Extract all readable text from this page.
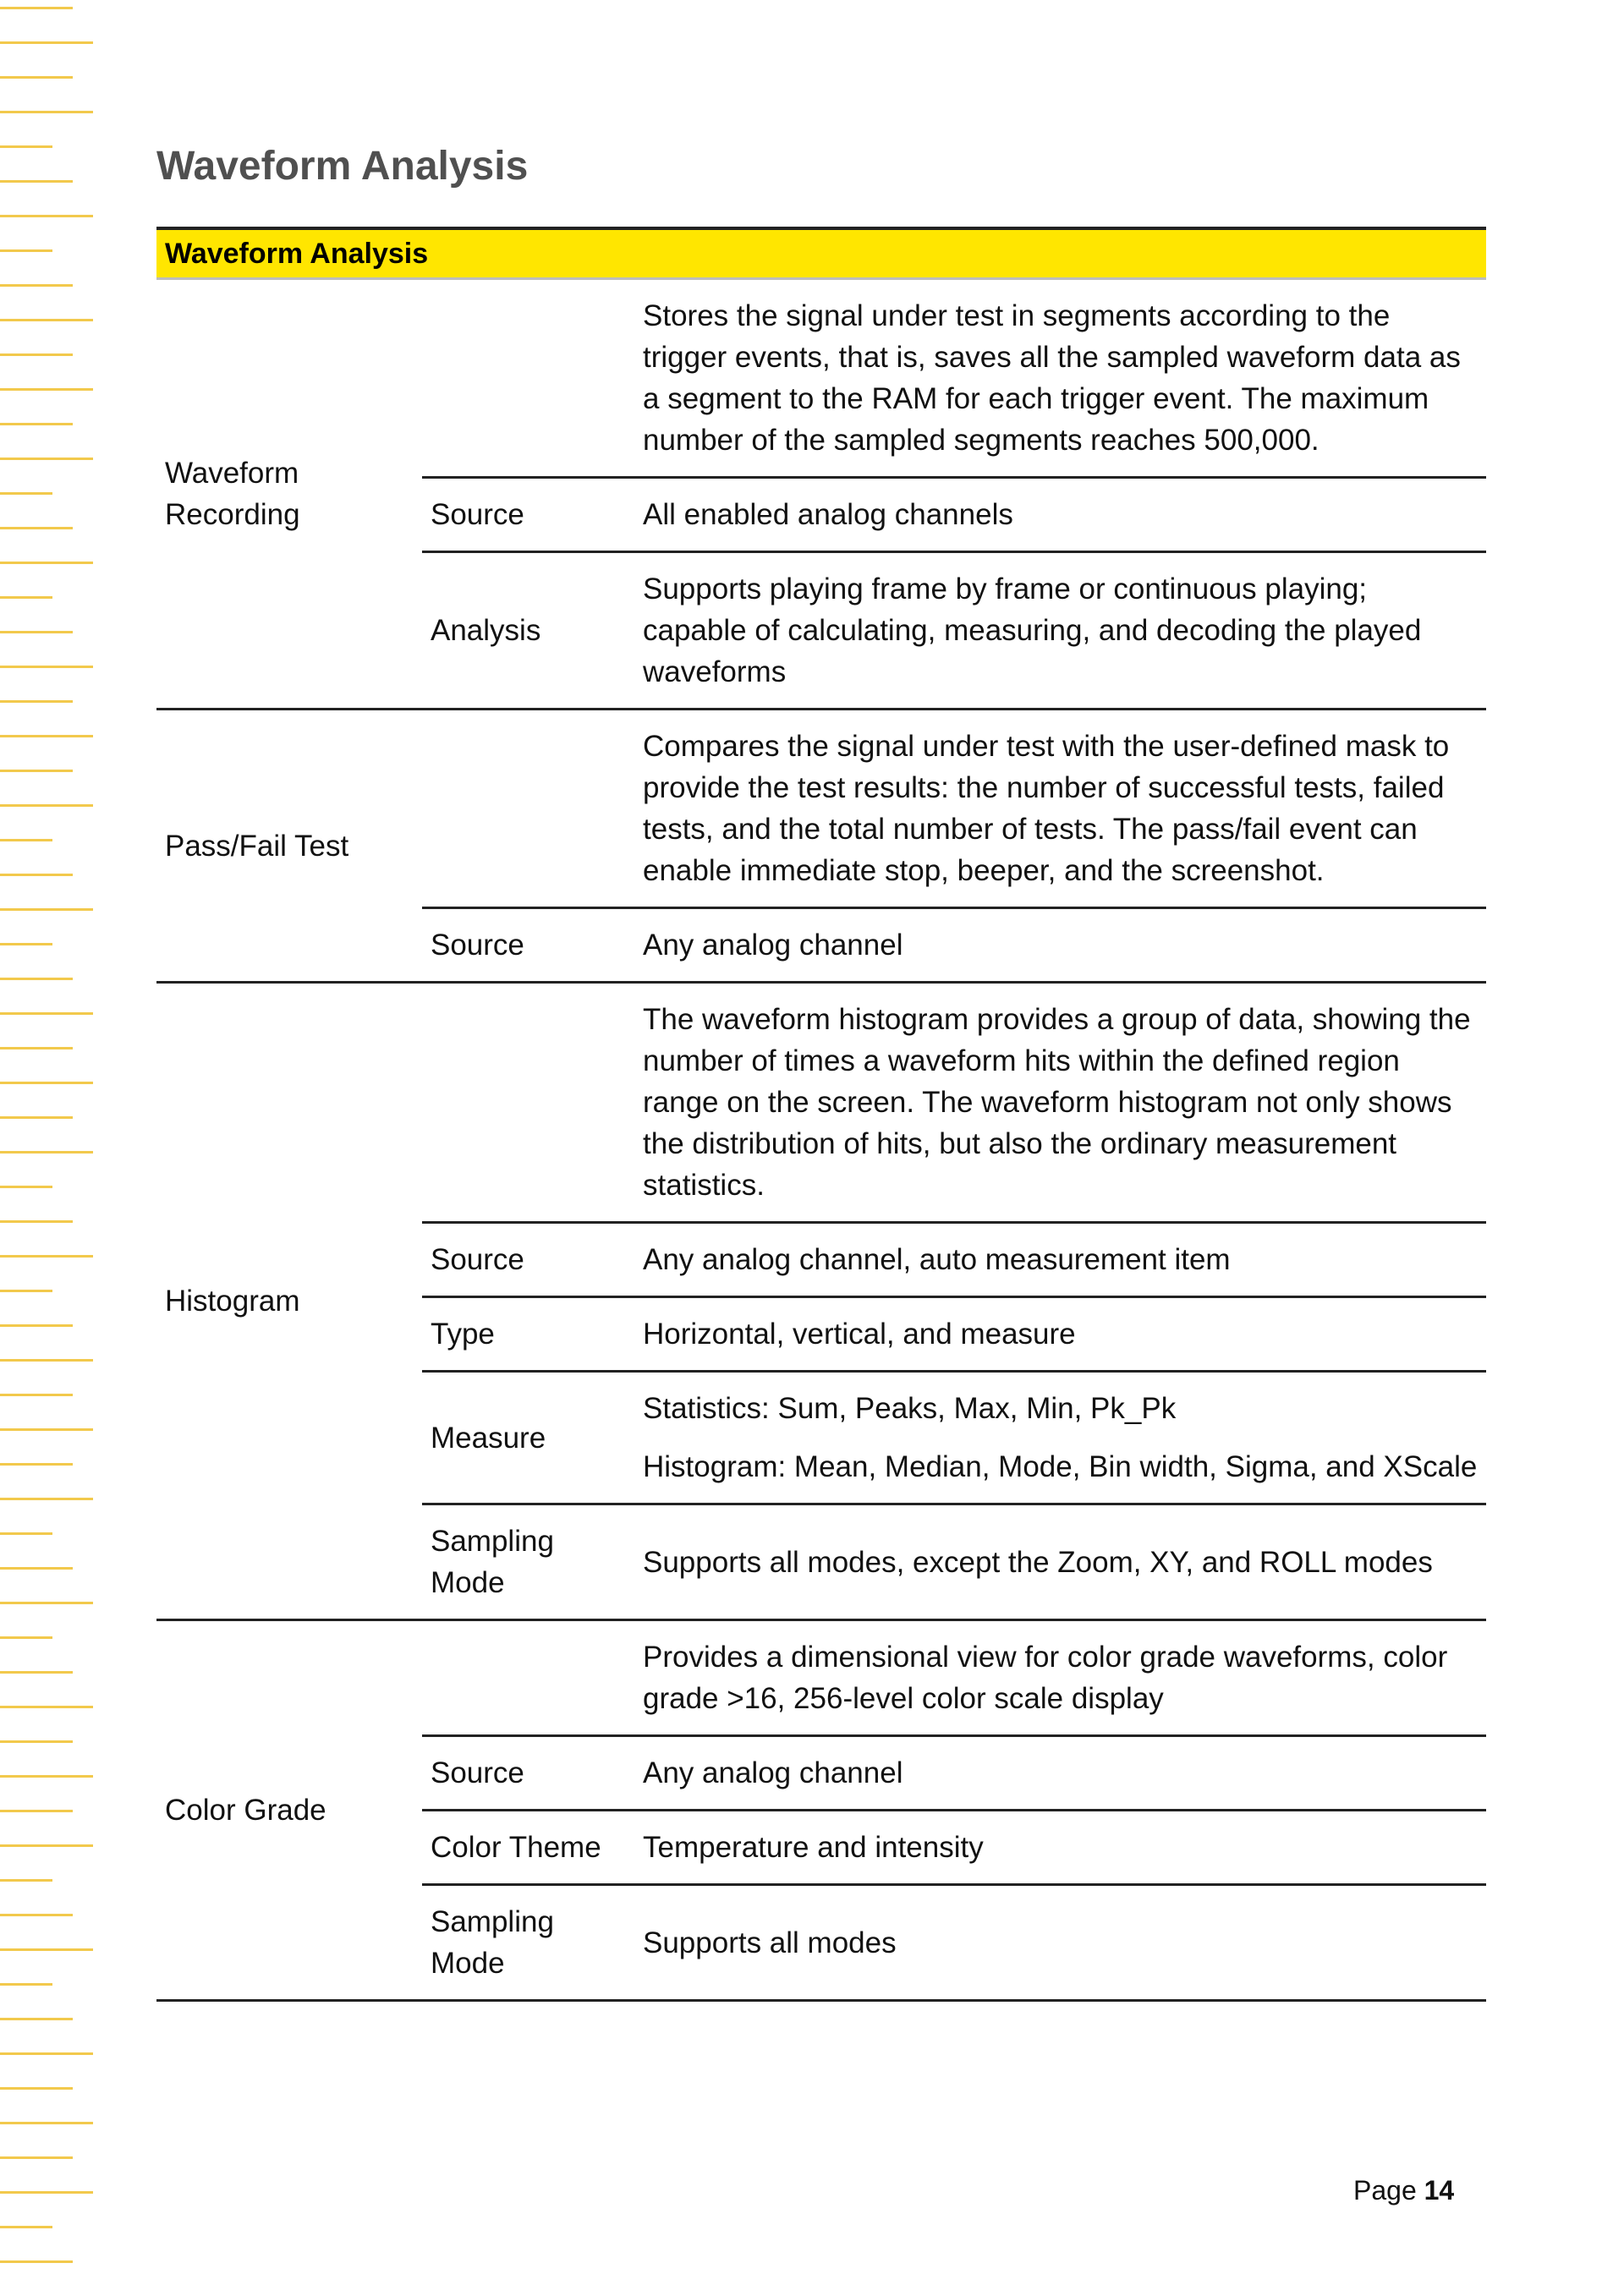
Waveform Analysis
Waveform Analysis		
Waveform Recording		Stores the signal under test in segments according to the trigger events, that is, saves all the sampled waveform data as a segment to the RAM for each trigger event. The maximum number of the sampled segments reaches 500,000.
	Source	All enabled analog channels
	Analysis	Supports playing frame by frame or continuous playing; capable of calculating, measuring, and decoding the played waveforms
Pass/Fail Test		Compares the signal under test with the user-defined mask to provide the test results: the number of successful tests, failed tests, and the total number of tests. The pass/fail event can enable immediate stop, beeper, and the screenshot.
	Source	Any analog channel
Histogram		The waveform histogram provides a group of data, showing the number of times a waveform hits within the defined region range on the screen. The waveform histogram not only shows the distribution of hits, but also the ordinary measurement statistics.
	Source	Any analog channel, auto measurement item
	Type	Horizontal, vertical, and measure
	Measure	Statistics: Sum, Peaks, Max, Min, Pk_Pk
Histogram: Mean, Median, Mode, Bin width, Sigma, and XScale

	Sampling Mode	Supports all modes, except the Zoom, XY, and ROLL modes
Color Grade		Provides a dimensional view for color grade waveforms, color grade >16, 256-level color scale display
	Source	Any analog channel
	Color Theme	Temperature and intensity
	Sampling Mode	Supports all modes
Page 14
